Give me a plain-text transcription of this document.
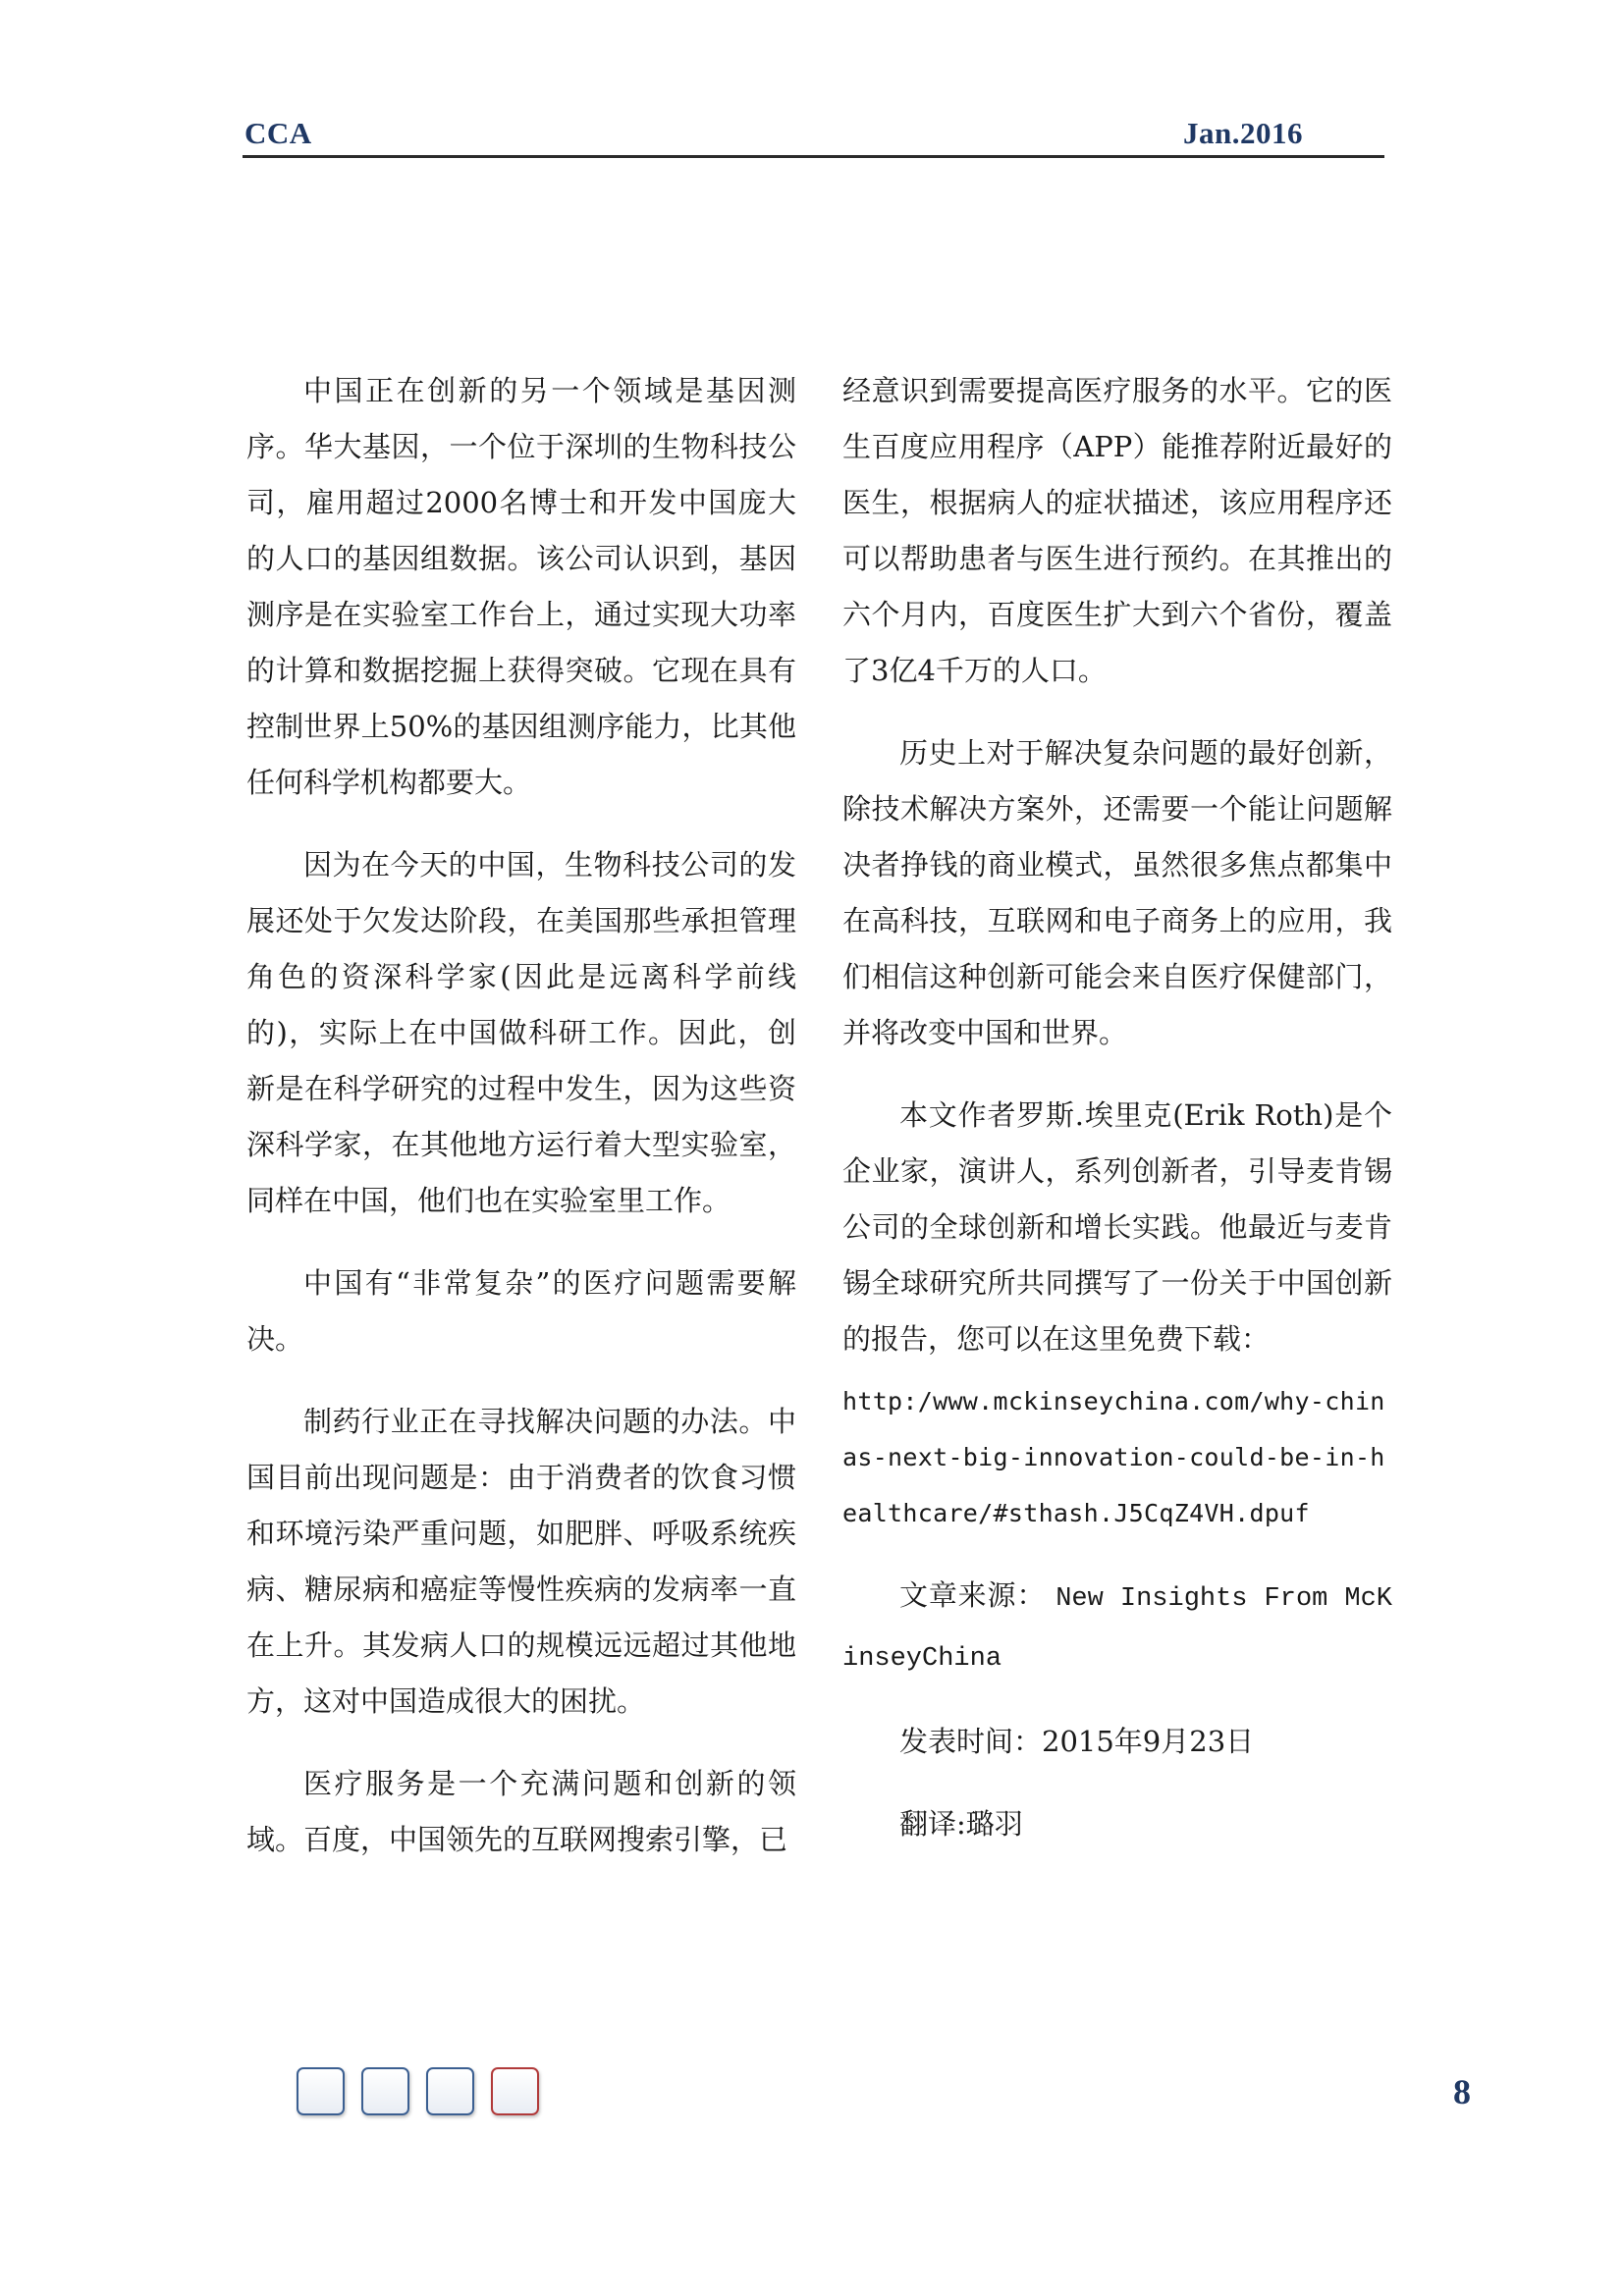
CCA	Jan.2016

中国正在创新的另一个领域是基因测序。华大基因，一个位于深圳的生物科技公司，雇用超过2000名博士和开发中国庞大的人口的基因组数据。该公司认识到，基因测序是在实验室工作台上，通过实现大功率的计算和数据挖掘上获得突破。它现在具有控制世界上50%的基因组测序能力，比其他任何科学机构都要大。

因为在今天的中国，生物科技公司的发展还处于欠发达阶段，在美国那些承担管理角色的资深科学家(因此是远离科学前线的)，实际上在中国做科研工作。因此，创新是在科学研究的过程中发生，因为这些资深科学家，在其他地方运行着大型实验室，同样在中国，他们也在实验室里工作。

中国有“非常复杂”的医疗问题需要解决。

制药行业正在寻找解决问题的办法。中国目前出现问题是：由于消费者的饮食习惯和环境污染严重问题，如肥胖、呼吸系统疾病、糖尿病和癌症等慢性疾病的发病率一直在上升。其发病人口的规模远远超过其他地方，这对中国造成很大的困扰。

医疗服务是一个充满问题和创新的领域。百度，中国领先的互联网搜索引擎，已

经意识到需要提高医疗服务的水平。它的医生百度应用程序（APP）能推荐附近最好的医生，根据病人的症状描述，该应用程序还可以帮助患者与医生进行预约。在其推出的六个月内，百度医生扩大到六个省份，覆盖了3亿4千万的人口。

历史上对于解决复杂问题的最好创新，除技术解决方案外，还需要一个能让问题解决者挣钱的商业模式，虽然很多焦点都集中在高科技，互联网和电子商务上的应用，我们相信这种创新可能会来自医疗保健部门，并将改变中国和世界。

本文作者罗斯.埃里克(Erik Roth)是个企业家，演讲人，系列创新者，引导麦肯锡公司的全球创新和增长实践。他最近与麦肯锡全球研究所共同撰写了一份关于中国创新的报告，您可以在这里免费下载：

http:/www.mckinseychina.com/why-chinas-next-big-innovation-could-be-in-healthcare/#sthash.J5CqZ4VH.dpuf

文章来源： New Insights From McKinseyChina

发表时间：2015年9月23日

翻译:璐羽

8
